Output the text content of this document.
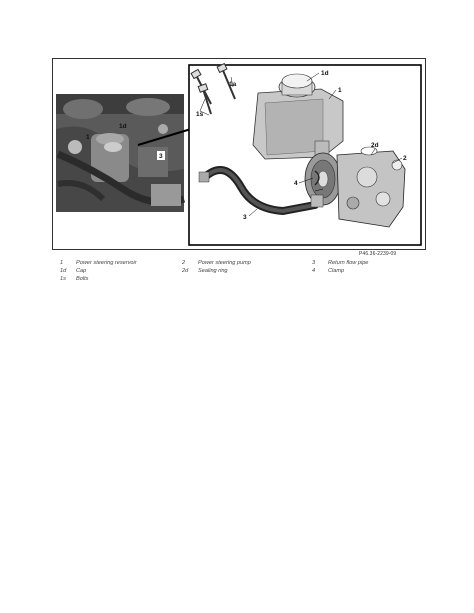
1
1d
3
1d
1
1a
1s
2d
2
4
3
P46.36-2239-09
1 Power steering reservoir
1d Cap
1s Bolts
2 Power steering pump
2d Sealing ring
3 Return flow pipe
4 Clamp
